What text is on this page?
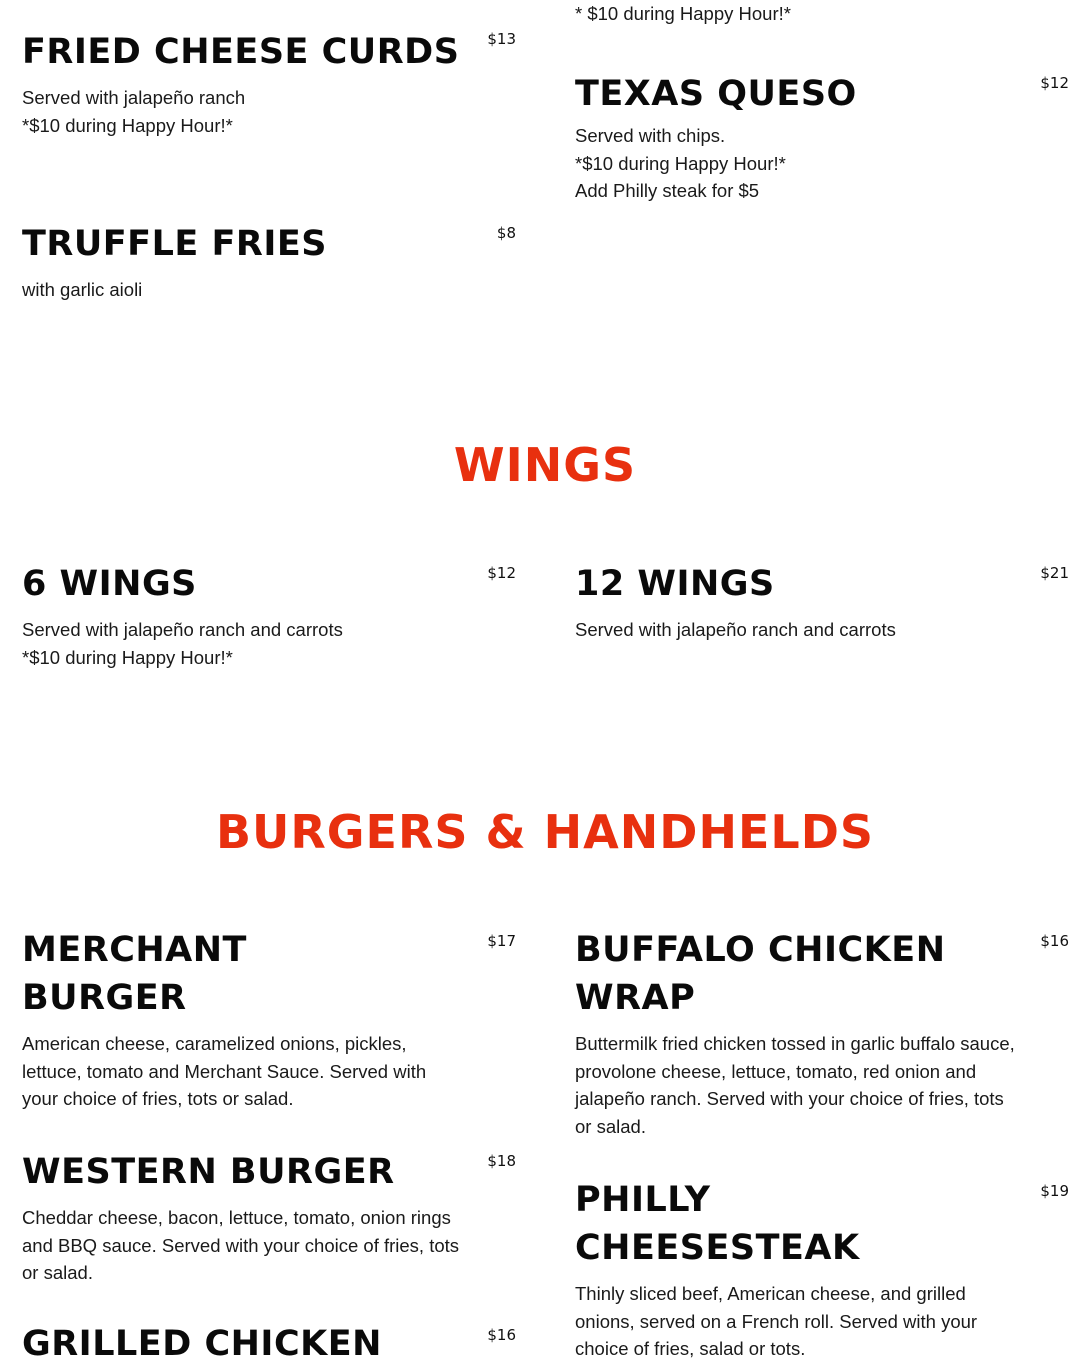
* $10 during Happy Hour!*
FRIED CHEESE CURDS $13
Served with jalapeño ranch
*$10 during Happy Hour!*
TRUFFLE FRIES	$8
with garlic aioli
TEXAS QUESO	$12
Served with chips.
*$10 during Happy Hour!*
Add Philly steak for $5
WINGS
6 WINGS	$12
Served with jalapeño ranch and carrots
*$10 during Happy Hour!*
12 WINGS	$21
Served with jalapeño ranch and carrots
BURGERS & HANDHELDS
MERCHANT BURGER
$17
American cheese, caramelized onions, pickles, lettuce, tomato and Merchant Sauce. Served with your choice of fries, tots or salad.
WESTERN BURGER	$18
Cheddar cheese, bacon, lettuce, tomato, onion rings and BBQ sauce. Served with your choice of fries, tots or salad.
GRILLED CHICKEN	$16
BUFFALO CHICKEN WRAP
$16
Buttermilk fried chicken tossed in garlic buffalo sauce, provolone cheese, lettuce, tomato, red onion and jalapeño ranch. Served with your choice of fries, tots or salad.
PHILLY CHEESESTEAK
$19
Thinly sliced beef, American cheese, and grilled onions, served on a French roll. Served with your choice of fries, salad or tots.
